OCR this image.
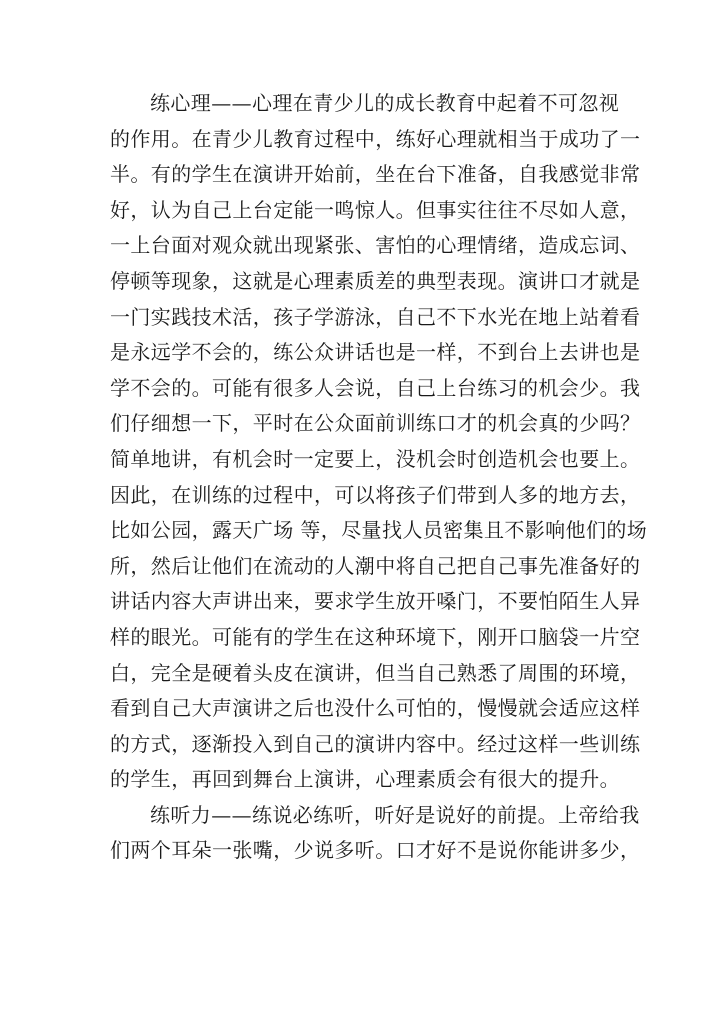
练心理——心理在青少儿的成长教育中起着不可忽视
的作用。在青少儿教育过程中，练好心理就相当于成功了一
半。有的学生在演讲开始前，坐在台下准备，自我感觉非常
好，认为自己上台定能一鸣惊人。但事实往往不尽如人意，
一上台面对观众就出现紧张、害怕的心理情绪，造成忘词、
停顿等现象，这就是心理素质差的典型表现。演讲口才就是
一门实践技术活，孩子学游泳，自己不下水光在地上站着看
是永远学不会的，练公众讲话也是一样，不到台上去讲也是
学不会的。可能有很多人会说，自己上台练习的机会少。我
们仔细想一下，平时在公众面前训练口才的机会真的少吗？
简单地讲，有机会时一定要上，没机会时创造机会也要上。
因此，在训练的过程中，可以将孩子们带到人多的地方去，
比如公园，露天广场 等，尽量找人员密集且不影响他们的场
所，然后让他们在流动的人潮中将自己把自己事先准备好的
讲话内容大声讲出来，要求学生放开嗓门，不要怕陌生人异
样的眼光。可能有的学生在这种环境下，刚开口脑袋一片空
白，完全是硬着头皮在演讲，但当自己熟悉了周围的环境，
看到自己大声演讲之后也没什么可怕的，慢慢就会适应这样
的方式，逐渐投入到自己的演讲内容中。经过这样一些训练
的学生，再回到舞台上演讲，心理素质会有很大的提升。
练听力——练说必练听，听好是说好的前提。上帝给我
们两个耳朵一张嘴，少说多听。口才好不是说你能讲多少，
